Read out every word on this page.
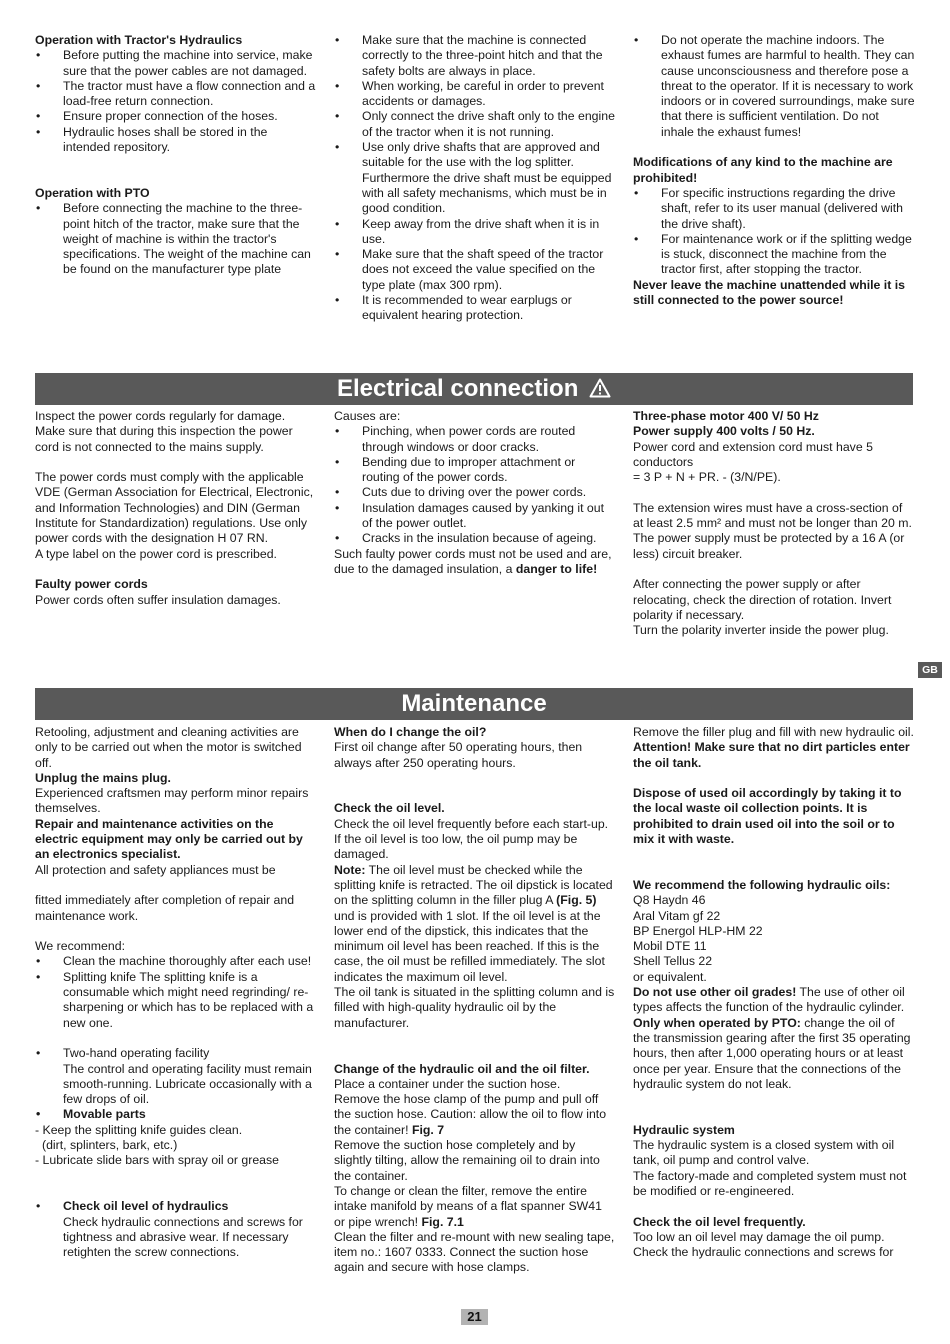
Operation with Tractor's Hydraulics

• Before putting the machine into service, make sure that the power cables are not damaged.
• The tractor must have a flow connection and a load-free return connection.
• Ensure proper connection of the hoses.
• Hydraulic hoses shall be stored in the intended repository.

Operation with PTO

• Before connecting the machine to the three-point hitch of the tractor, make sure that the weight of machine is within the tractor's specifications. The weight of the machine can be found on the manufacturer type plate
• Make sure that the machine is connected correctly to the three-point hitch and that the safety bolts are always in place.
• When working, be careful in order to prevent accidents or damages.
• Only connect the drive shaft only to the engine of the tractor when it is not running.
• Use only drive shafts that are approved and suitable for the use with the log splitter. Furthermore the drive shaft must be equipped with all safety mechanisms, which must be in good condition.
• Keep away from the drive shaft when it is in use.
• Make sure that the shaft speed of the tractor does not exceed the value specified on the type plate (max 300 rpm).
• It is recommended to wear earplugs or equivalent hearing protection.
• Do not operate the machine indoors. The exhaust fumes are harmful to health. They can cause unconsciousness and therefore pose a threat to the operator. If it is necessary to work indoors or in covered surroundings, make sure that there is sufficient ventilation. Do not inhale the exhaust fumes!

Modifications of any kind to the machine are prohibited!

• For specific instructions regarding the drive shaft, refer to its user manual (delivered with the drive shaft).
• For maintenance work or if the splitting wedge is stuck, disconnect the machine from the tractor first, after stopping the tractor.

Never leave the machine unattended while it is still connected to the power source!

Electrical connection

Inspect the power cords regularly for damage. Make sure that during this inspection the power cord is not connected to the mains supply.

The power cords must comply with the applicable VDE (German Association for Electrical, Electronic, and Information Technologies) and DIN (German Institute for Standardization) regulations. Use only power cords with the designation H 07 RN.

A type label on the power cord is prescribed.

Faulty power cords

Power cords often suffer insulation damages.

Causes are:

• Pinching, when power cords are routed through windows or door cracks.
• Bending due to improper attachment or routing of the power cords.
• Cuts due to driving over the power cords.
• Insulation damages caused by yanking it out of the power outlet.
• Cracks in the insulation because of ageing.

Such faulty power cords must not be used and are, due to the damaged insulation, a danger to life!

Three-phase motor 400 V/ 50 Hz

Power supply 400 volts / 50 Hz.

Power cord and extension cord must have 5 conductors

= 3 P + N + PR. - (3/N/PE).

The extension wires must have a cross-section of at least 2.5 mm² and must not be longer than 20 m.

The power supply must be protected by a 16 A (or less) circuit breaker.

After connecting the power supply or after relocating, check the direction of rotation. Invert polarity if necessary.

Turn the polarity inverter inside the power plug.

GB
Maintenance

Retooling, adjustment and cleaning activities are only to be carried out when the motor is switched off.

Unplug the mains plug.

Experienced craftsmen may perform minor repairs themselves.

Repair and maintenance activities on the electric equipment may only be carried out by an electronics specialist.

All protection and safety appliances must be

fitted immediately after completion of repair and maintenance work.

We recommend:

• Clean the machine thoroughly after each use!
• Splitting knife The splitting knife is a consumable which might need regrinding/ re-sharpening or which has to be replaced with a new one.
• Two-hand operating facility
The control and operating facility must remain smooth-running. Lubricate occasionally with a few drops of oil.
• Movable parts

- Keep the splitting knife guides clean.

(dirt, splinters, bark, etc.)

- Lubricate slide bars with spray oil or grease

• Check oil level of hydraulics
Check hydraulic connections and screws for tightness and abrasive wear. If necessary retighten the screw connections.

When do I change the oil?

First oil change after 50 operating hours, then always after 250 operating hours.

Check the oil level.

Check the oil level frequently before each start-up. If the oil level is too low, the oil pump may be damaged.

Note: The oil level must be checked while the splitting knife is retracted. The oil dipstick is located on the splitting column in the filler plug A (Fig. 5) und is provided with 1 slot. If the oil level is at the lower end of the dipstick, this indicates that the minimum oil level has been reached. If this is the case, the oil must be refilled immediately. The slot indicates the maximum oil level.

The oil tank is situated in the splitting column and is filled with high-quality hydraulic oil by the manufacturer.

Change of the hydraulic oil and the oil filter.

Place a container under the suction hose.

Remove the hose clamp of the pump and pull off the suction hose. Caution: allow the oil to flow into the container! Fig. 7

Remove the suction hose completely and by slightly tilting, allow the remaining oil to drain into the container.

To change or clean the filter, remove the entire intake manifold by means of a flat spanner SW41 or pipe wrench! Fig. 7.1

Clean the filter and re-mount with new sealing tape, item no.: 1607 0333. Connect the suction hose again and secure with hose clamps.

Remove the filler plug and fill with new hydraulic oil.

Attention! Make sure that no dirt particles enter the oil tank.

Dispose of used oil accordingly by taking it to the local waste oil collection points. It is prohibited to drain used oil into the soil or to mix it with waste.

We recommend the following hydraulic oils:

Q8 Haydn 46

Aral Vitam gf 22

BP Energol HLP-HM 22

Mobil DTE 11

Shell Tellus 22

or equivalent.

Do not use other oil grades! The use of other oil types affects the function of the hydraulic cylinder.

Only when operated by PTO: change the oil of the transmission gearing after the first 35 operating hours, then after 1,000 operating hours or at least once per year. Ensure that the connections of the hydraulic system do not leak.

Hydraulic system

The hydraulic system is a closed system with oil tank, oil pump and control valve.

The factory-made and completed system must not be modified or re-engineered.

Check the oil level frequently.

Too low an oil level may damage the oil pump.

Check the hydraulic connections and screws for

21
